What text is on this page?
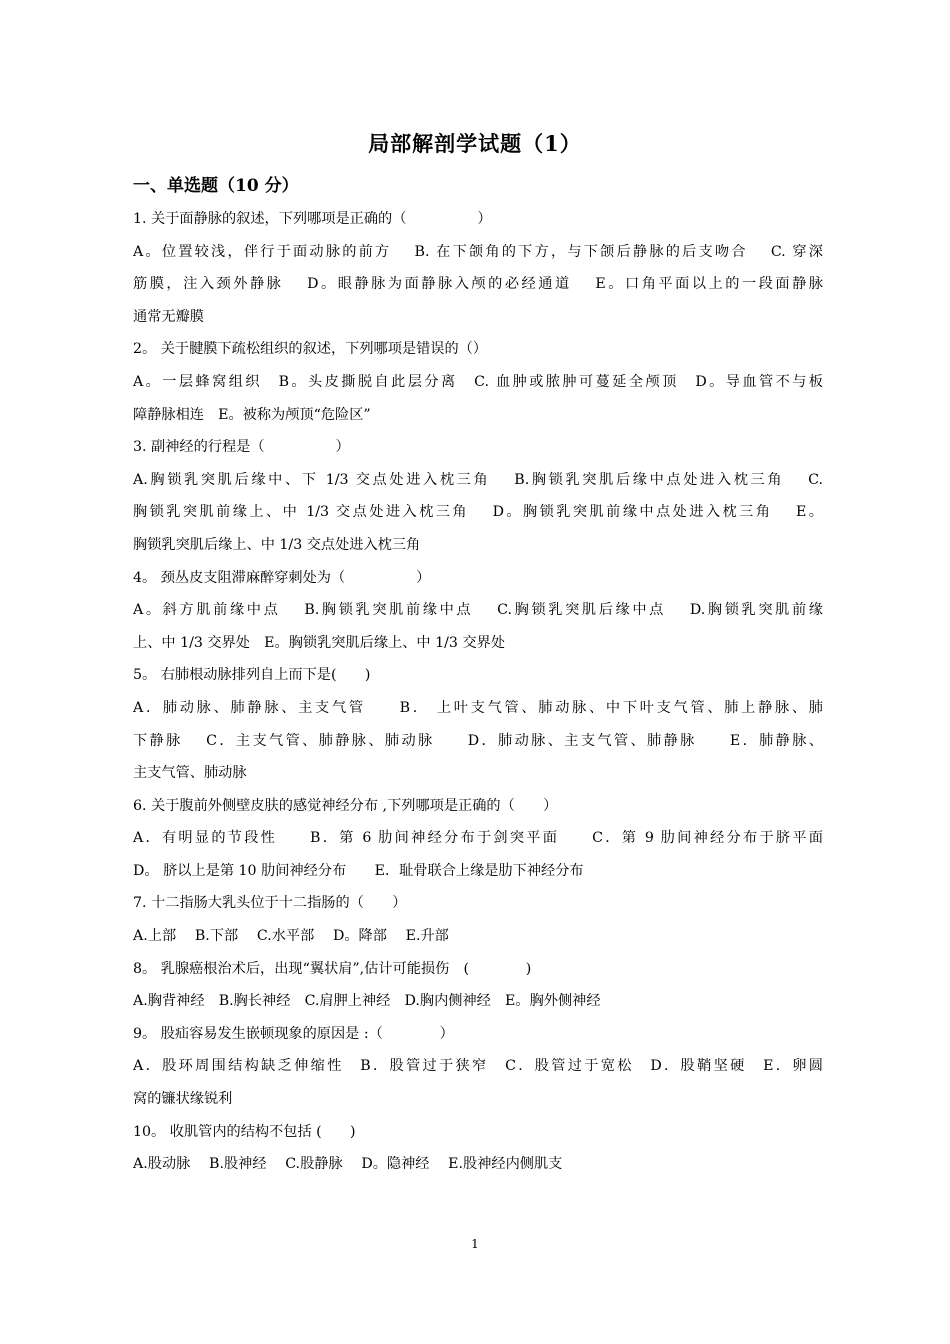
局部解剖学试题（1）
一、单选题（10 分）
1. 关于面静脉的叙述，下列哪项是正确的（　　　　　）
A。位置较浅，伴行于面动脉的前方　 B. 在下颌角的下方，与下颌后静脉的后支吻合　 C. 穿深
筋膜，注入颈外静脉　 D。眼静脉为面静脉入颅的必经通道　 E。口角平面以上的一段面静脉
通常无瓣膜
2。 关于腱膜下疏松组织的叙述，下列哪项是错误的（）
A。一层蜂窝组织　B。头皮撕脱自此层分离　C. 血肿或脓肿可蔓延全颅顶　D。导血管不与板
障静脉相连　E。被称为颅顶“危险区”
3. 副神经的行程是（　　　　　）
A.胸锁乳突肌后缘中、下 1/3 交点处进入枕三角　 B.胸锁乳突肌后缘中点处进入枕三角　 C.
胸锁乳突肌前缘上、中 1/3 交点处进入枕三角　 D。胸锁乳突肌前缘中点处进入枕三角　 E。
胸锁乳突肌后缘上、中 1/3 交点处进入枕三角
4。 颈丛皮支阻滞麻醉穿刺处为（　　　　　）
A。斜方肌前缘中点　 B.胸锁乳突肌前缘中点　 C.胸锁乳突肌后缘中点　 D.胸锁乳突肌前缘
上、中 1/3 交界处　E。胸锁乳突肌后缘上、中 1/3 交界处
5。 右肺根动脉排列自上而下是(　　)
A．肺动脉、肺静脉、主支气管　　B． 上叶支气管、肺动脉、中下叶支气管、肺上静脉、肺
下静脉　 C．主支气管、肺静脉、肺动脉　　D．肺动脉、主支气管、肺静脉　　E．肺静脉、
主支气管、肺动脉
6. 关于腹前外侧壁皮肤的感觉神经分布 ,下列哪项是正确的（　　）
A．有明显的节段性　　B．第 6 肋间神经分布于剑突平面　　C．第 9 肋间神经分布于脐平面
D。 脐以上是第 10 肋间神经分布　　E．耻骨联合上缘是肋下神经分布
7. 十二指肠大乳头位于十二指肠的（　　）
A.上部　 B.下部　 C.水平部　 D。降部　 E.升部
8。 乳腺癌根治术后，出现“翼状肩”,估计可能损伤　(　　　　)
A.胸背神经　B.胸长神经　C.肩胛上神经　D.胸内侧神经　E。胸外侧神经
9。 股疝容易发生嵌顿现象的原因是 :（　　　　）
A．股环周围结构缺乏伸缩性　B．股管过于狭窄　C．股管过于宽松　D．股鞘坚硬　E．卵圆
窝的镰状缘锐利
10。 收肌管内的结构不包括 (　　)
A.股动脉　 B.股神经　 C.股静脉　 D。隐神经　 E.股神经内侧肌支
1
